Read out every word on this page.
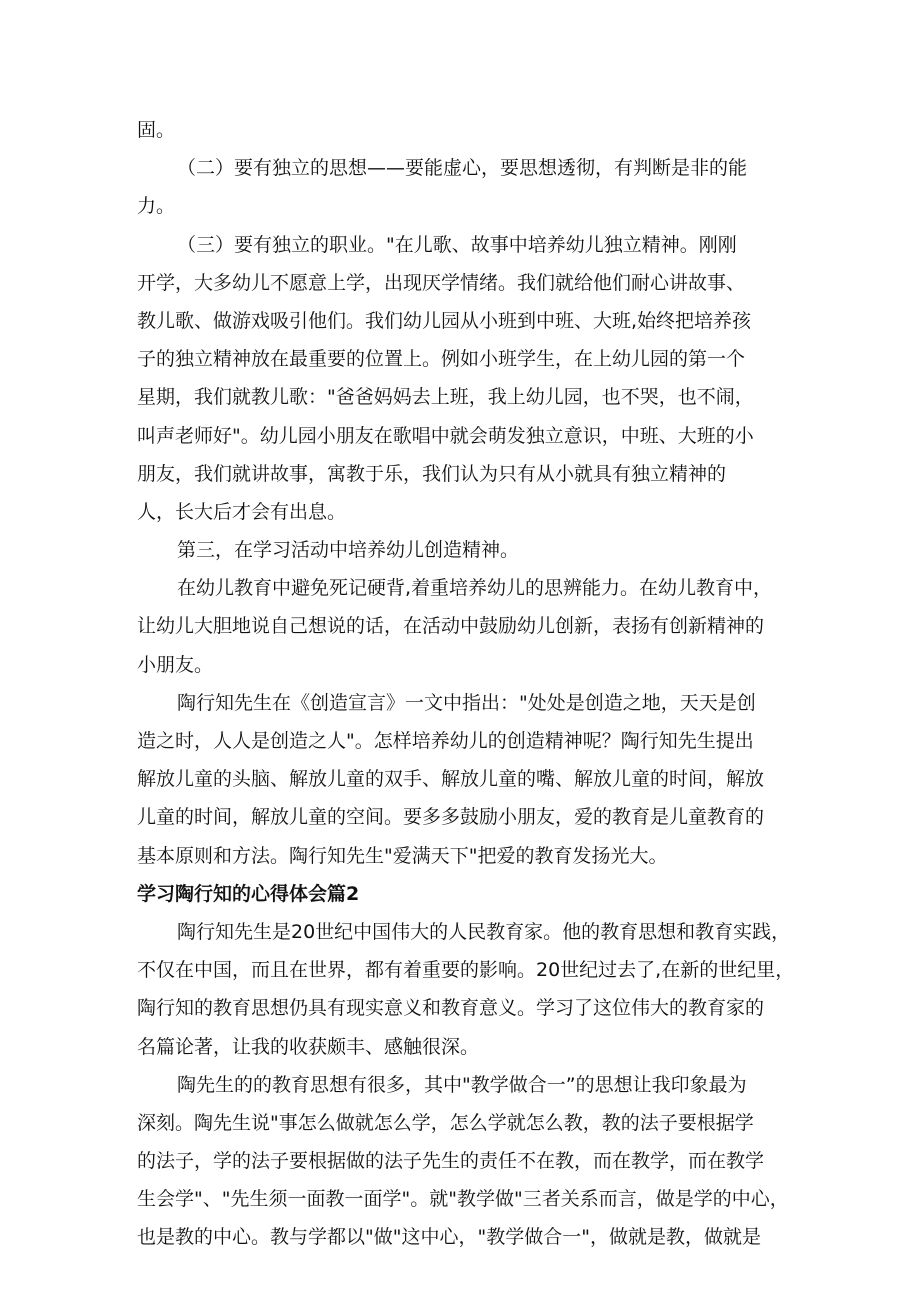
固。
（二）要有独立的思想——要能虚心，要思想透彻，有判断是非的能
力。
（三）要有独立的职业。"在儿歌、故事中培养幼儿独立精神。刚刚
开学，大多幼儿不愿意上学，出现厌学情绪。我们就给他们耐心讲故事、
教儿歌、做游戏吸引他们。我们幼儿园从小班到中班、大班,始终把培养孩
子的独立精神放在最重要的位置上。例如小班学生，在上幼儿园的第一个
星期，我们就教儿歌："爸爸妈妈去上班，我上幼儿园，也不哭，也不闹，
叫声老师好"。幼儿园小朋友在歌唱中就会萌发独立意识，中班、大班的小
朋友，我们就讲故事，寓教于乐，我们认为只有从小就具有独立精神的
人，长大后才会有出息。
第三，在学习活动中培养幼儿创造精神。
在幼儿教育中避免死记硬背,着重培养幼儿的思辨能力。在幼儿教育中，
让幼儿大胆地说自己想说的话，在活动中鼓励幼儿创新，表扬有创新精神的
小朋友。
陶行知先生在《创造宣言》一文中指出："处处是创造之地，天天是创
造之时，人人是创造之人"。怎样培养幼儿的创造精神呢？陶行知先生提出
解放儿童的头脑、解放儿童的双手、解放儿童的嘴、解放儿童的时间，解放
儿童的时间，解放儿童的空间。要多多鼓励小朋友，爱的教育是儿童教育的
基本原则和方法。陶行知先生"爱满天下"把爱的教育发扬光大。
学习陶行知的心得体会篇2
陶行知先生是20世纪中国伟大的人民教育家。他的教育思想和教育实践，
不仅在中国，而且在世界，都有着重要的影响。20世纪过去了,在新的世纪里，
陶行知的教育思想仍具有现实意义和教育意义。学习了这位伟大的教育家的
名篇论著，让我的收获颇丰、感触很深。
陶先生的的教育思想有很多，其中"教学做合一”的思想让我印象最为
深刻。陶先生说"事怎么做就怎么学，怎么学就怎么教，教的法子要根据学
的法子，学的法子要根据做的法子先生的责任不在教，而在教学，而在教学
生会学"、"先生须一面教一面学"。就"教学做"三者关系而言，做是学的中心，
也是教的中心。教与学都以"做"这中心，"教学做合一"，做就是教，做就是
